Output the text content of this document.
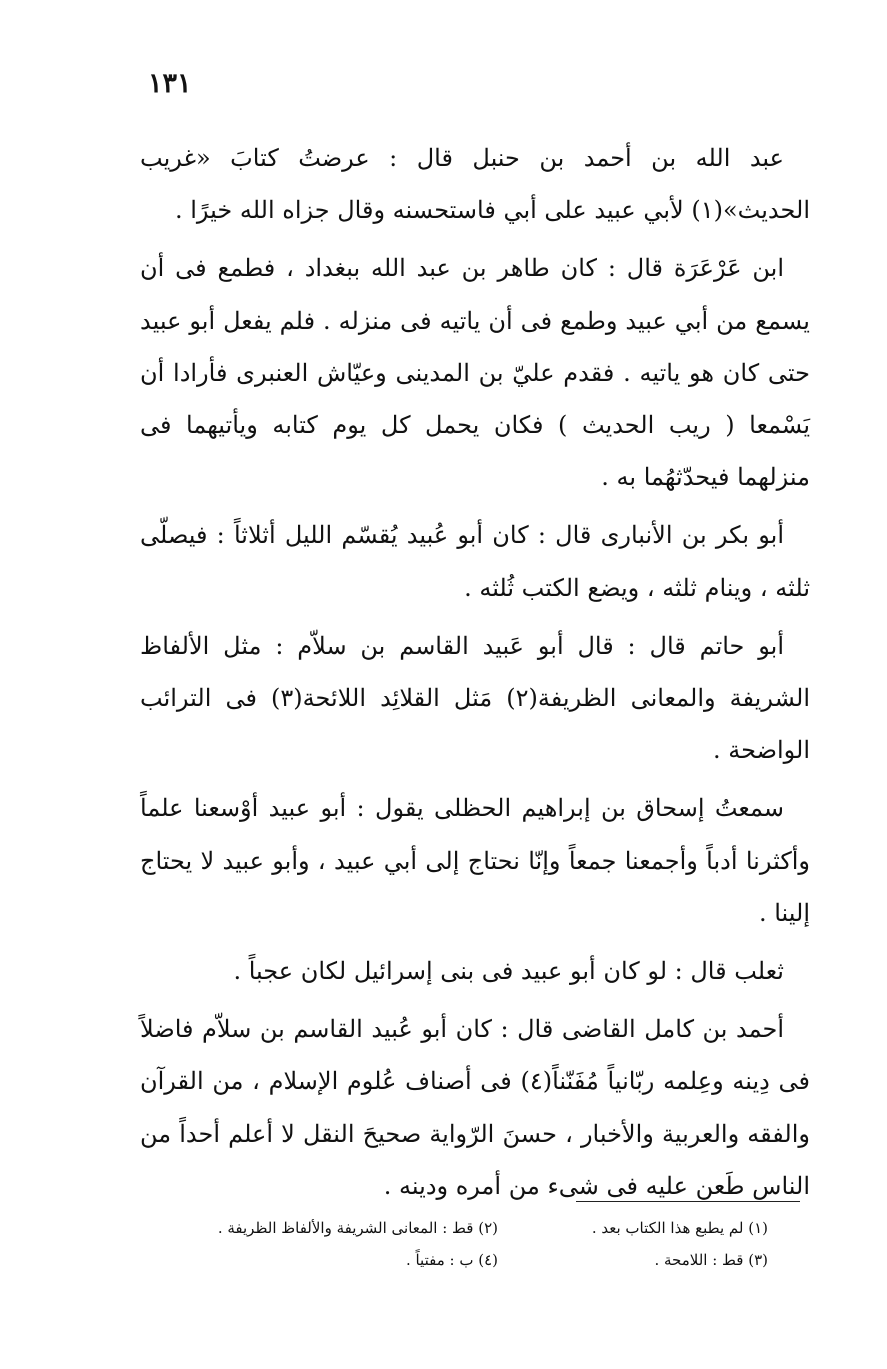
١٣١

عبد الله بن أحمد بن حنبل قال : عرضتُ كتابَ «غريب الحديث»(١) لأبي عبيد على أبي فاستحسنه وقال جزاه الله خيرًا .

ابن عَرْعَرَة قال : كان طاهر بن عبد الله ببغداد ، فطمع فى أن يسمع من أبي عبيد وطمع فى أن ياتيه فى منزله . فلم يفعل أبو عبيد حتى كان هو ياتيه . فقدم عليّ بن المدينى وعيّاش العنبرى فأرادا أن يَسْمعا ( ريب الحديث ) فكان يحمل كل يوم كتابه ويأتيهما فى منزلهما فيحدّثهُما به .

أبو بكر بن الأنبارى قال : كان أبو عُبيد يُقسّم الليل أثلاثاً : فيصلّى ثلثه ، وينام ثلثه ، ويضع الكتب ثُلثه .

أبو حاتم قال : قال أبو عَبيد القاسم بن سلاّم : مثل الألفاظ الشريفة والمعانى الظريفة(٢) مَثل القلائِد اللائحة(٣) فى الترائب الواضحة .

سمعتُ إسحاق بن إبراهيم الحظلى يقول : أبو عبيد أوْسعنا علماً وأكثرنا أدباً وأجمعنا جمعاً وإنّا نحتاج إلى أبي عبيد ، وأبو عبيد لا يحتاج إلينا .

ثعلب قال : لو كان أبو عبيد فى بنى إسرائيل لكان عجباً .

أحمد بن كامل القاضى قال : كان أبو عُبيد القاسم بن سلاّم فاضلاً فى دِينه وعِلمه ربّانياً مُفَنّناً(٤) فى أصناف عُلوم الإسلام ، من القرآن والفقه والعربية والأخبار ، حسنَ الرّواية صحيحَ النقل لا أعلم أحداً من الناس طَعن عليه فى شىء من أمره ودينه .

(١) لم يطبع هذا الكتاب بعد .
(٢) قط : المعانى الشريفة والألفاظ الظريفة .
(٣) قط : اللامحة .
(٤) ب : مفتياً .
